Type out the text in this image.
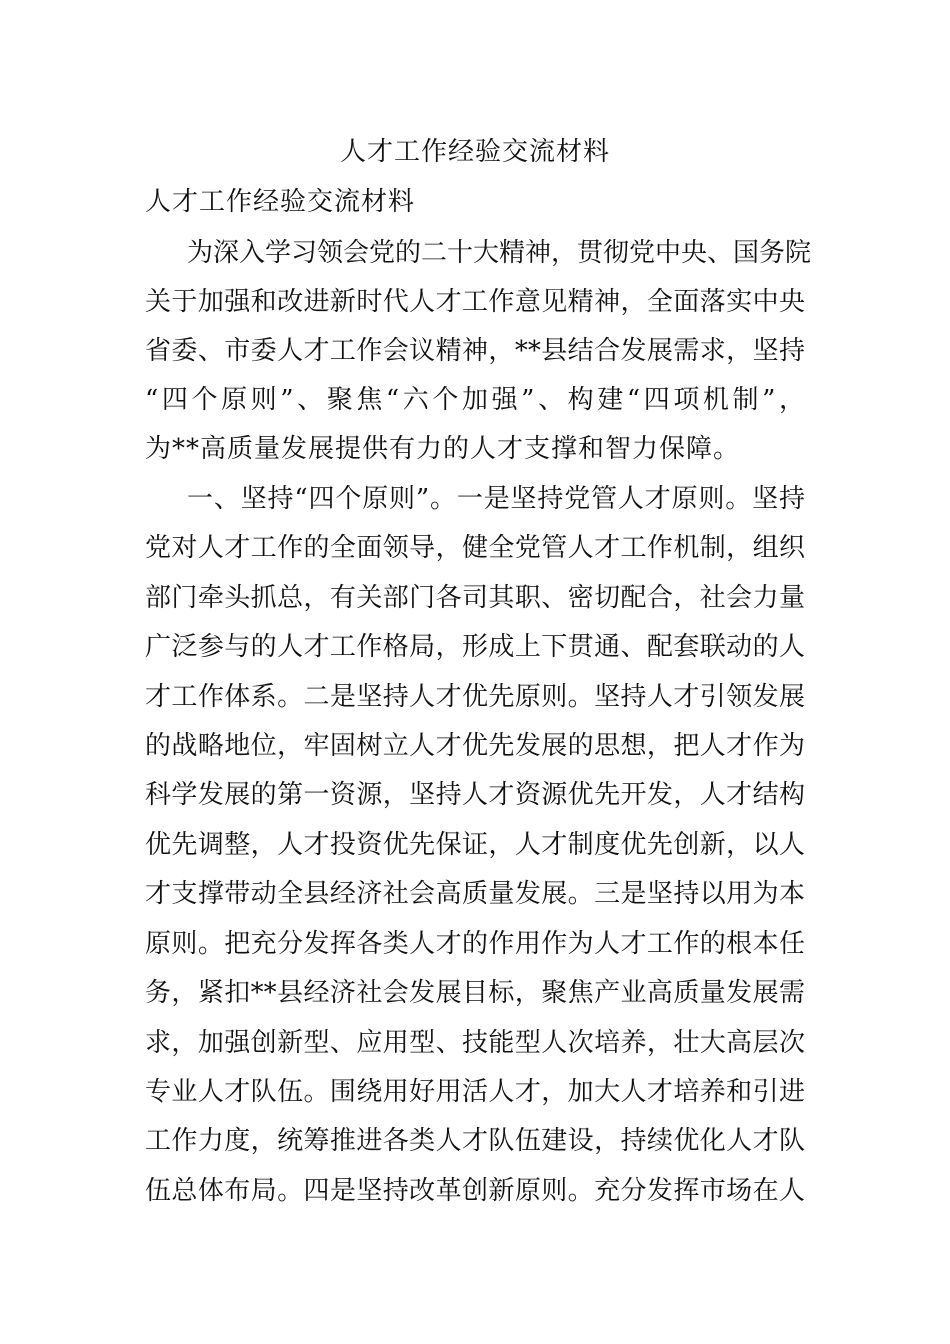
人才工作经验交流材料
人才工作经验交流材料
为深入学习领会党的二十大精神，贯彻党中央、国务院
关于加强和改进新时代人才工作意见精神，全面落实中央
省委、市委人才工作会议精神，**县结合发展需求，坚持
“四个原则”、聚焦“六个加强”、构建“四项机制”，
为**高质量发展提供有力的人才支撑和智力保障。
一、坚持“四个原则”。一是坚持党管人才原则。坚持
党对人才工作的全面领导，健全党管人才工作机制，组织
部门牵头抓总，有关部门各司其职、密切配合，社会力量
广泛参与的人才工作格局，形成上下贯通、配套联动的人
才工作体系。二是坚持人才优先原则。坚持人才引领发展
的战略地位，牢固树立人才优先发展的思想，把人才作为
科学发展的第一资源，坚持人才资源优先开发，人才结构
优先调整，人才投资优先保证，人才制度优先创新，以人
才支撑带动全县经济社会高质量发展。三是坚持以用为本
原则。把充分发挥各类人才的作用作为人才工作的根本任
务，紧扣**县经济社会发展目标，聚焦产业高质量发展需
求，加强创新型、应用型、技能型人次培养，壮大高层次
专业人才队伍。围绕用好用活人才，加大人才培养和引进
工作力度，统筹推进各类人才队伍建设，持续优化人才队
伍总体布局。四是坚持改革创新原则。充分发挥市场在人
